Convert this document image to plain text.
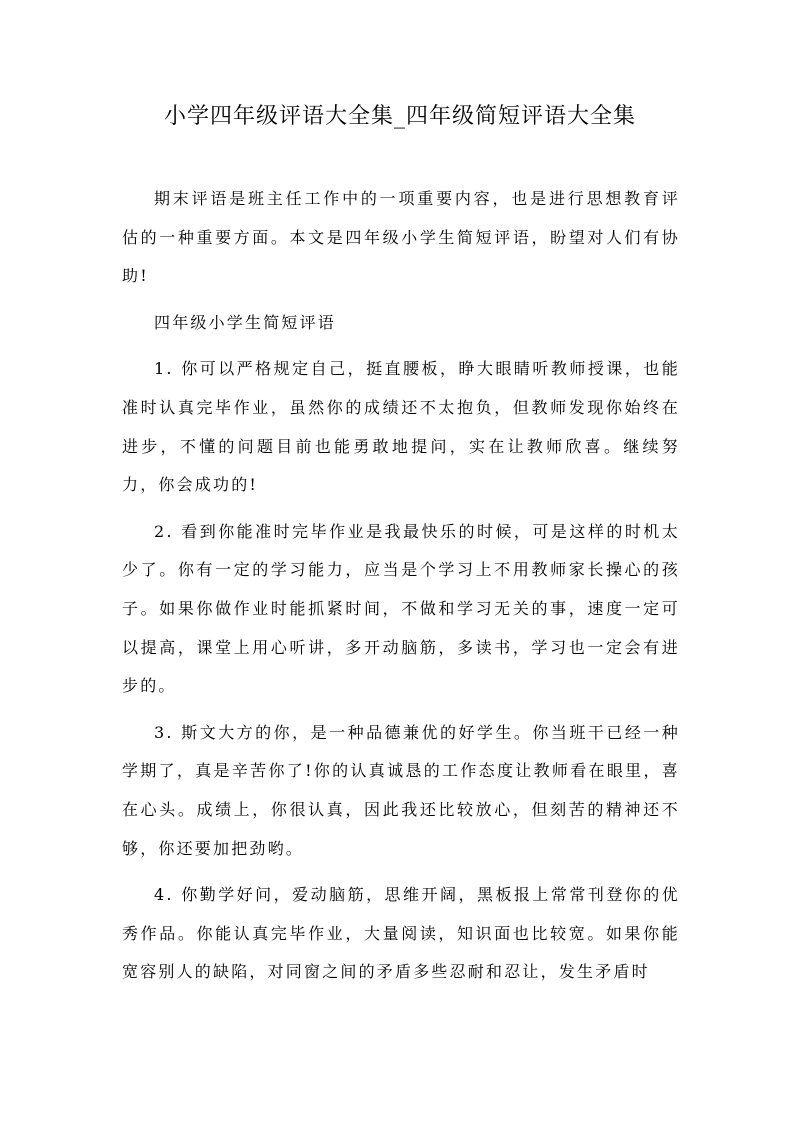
小学四年级评语大全集_四年级简短评语大全集

期末评语是班主任工作中的一项重要内容，也是进行思想教育评估的一种重要方面。本文是四年级小学生简短评语，盼望对人们有协助!

四年级小学生简短评语

1. 你可以严格规定自己，挺直腰板，睁大眼睛听教师授课，也能准时认真完毕作业，虽然你的成绩还不太抱负，但教师发现你始终在进步，不懂的问题目前也能勇敢地提问，实在让教师欣喜。继续努力，你会成功的!

2. 看到你能准时完毕作业是我最快乐的时候，可是这样的时机太少了。你有一定的学习能力，应当是个学习上不用教师家长操心的孩子。如果你做作业时能抓紧时间，不做和学习无关的事，速度一定可以提高，课堂上用心听讲，多开动脑筋，多读书，学习也一定会有进步的。

3. 斯文大方的你，是一种品德兼优的好学生。你当班干已经一种学期了，真是辛苦你了!你的认真诚恳的工作态度让教师看在眼里，喜在心头。成绩上，你很认真，因此我还比较放心，但刻苦的精神还不够，你还要加把劲哟。

4. 你勤学好问，爱动脑筋，思维开阔，黑板报上常常刊登你的优秀作品。你能认真完毕作业，大量阅读，知识面也比较宽。如果你能宽容别人的缺陷，对同窗之间的矛盾多些忍耐和忍让，发生矛盾时
